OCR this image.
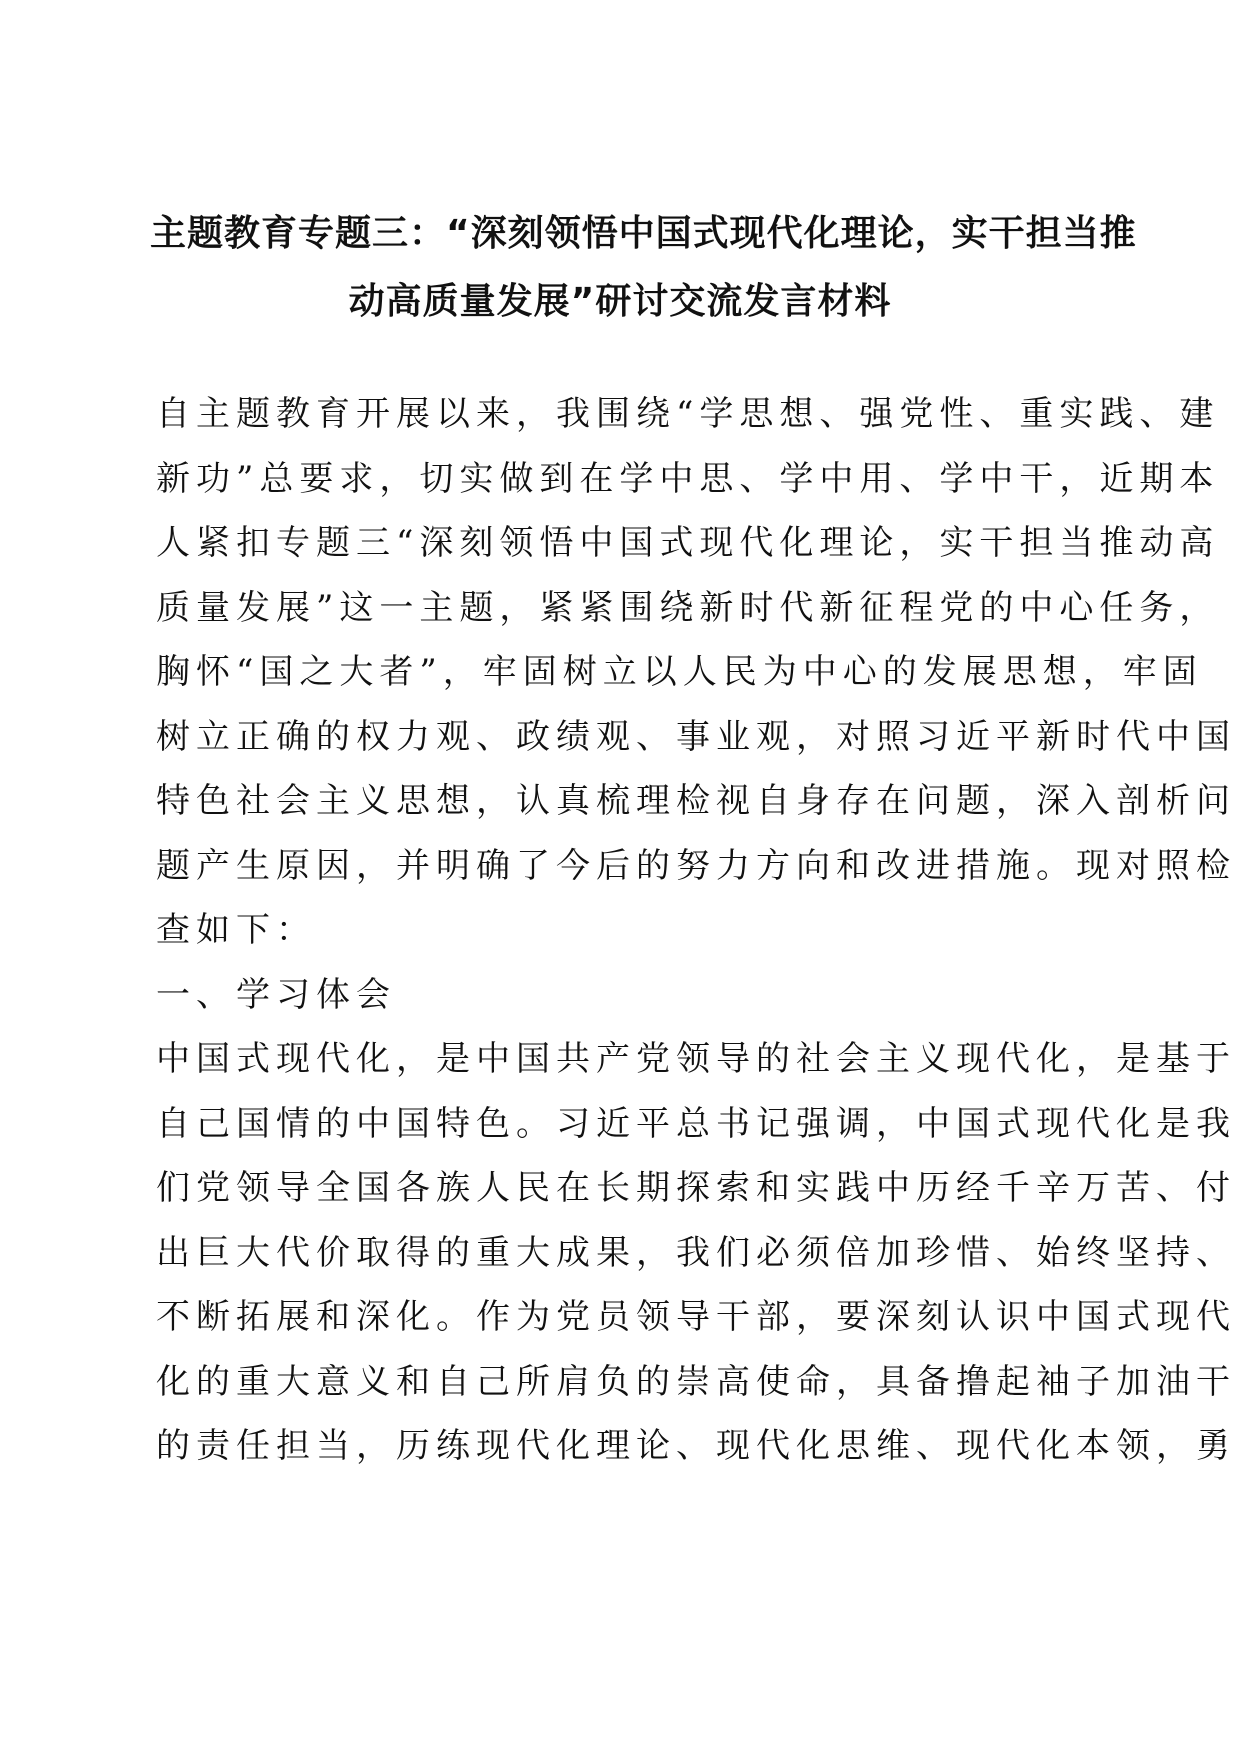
主题教育专题三：“深刻领悟中国式现代化理论，实干担当推
动高质量发展”研讨交流发言材料
自主题教育开展以来，我围绕“学思想、强党性、重实践、建
新功”总要求，切实做到在学中思、学中用、学中干，近期本
人紧扣专题三“深刻领悟中国式现代化理论，实干担当推动高
质量发展”这一主题，紧紧围绕新时代新征程党的中心任务，
胸怀“国之大者”，牢固树立以人民为中心的发展思想，牢固
树立正确的权力观、政绩观、事业观，对照习近平新时代中国
特色社会主义思想，认真梳理检视自身存在问题，深入剖析问
题产生原因，并明确了今后的努力方向和改进措施。现对照检
查如下：
一、学习体会
中国式现代化，是中国共产党领导的社会主义现代化，是基于
自己国情的中国特色。习近平总书记强调，中国式现代化是我
们党领导全国各族人民在长期探索和实践中历经千辛万苦、付
出巨大代价取得的重大成果，我们必须倍加珍惜、始终坚持、
不断拓展和深化。作为党员领导干部，要深刻认识中国式现代
化的重大意义和自己所肩负的崇高使命，具备撸起袖子加油干
的责任担当，历练现代化理论、现代化思维、现代化本领，勇
